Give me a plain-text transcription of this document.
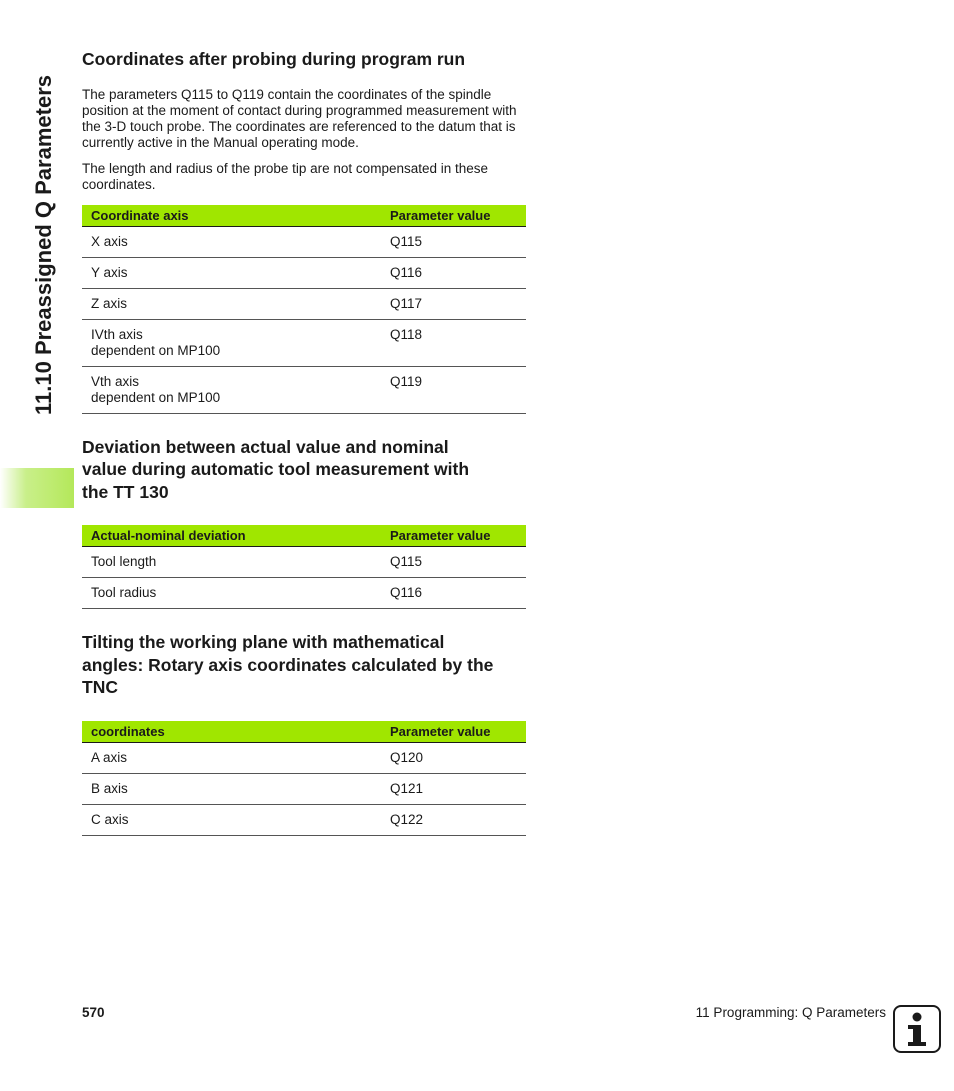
11.10 Preassigned Q Parameters
Coordinates after probing during program run

The parameters Q115 to Q119 contain the coordinates of the spindle position at the moment of contact during programmed measurement with the 3-D touch probe. The coordinates are referenced to the datum that is currently active in the Manual operating mode.

The length and radius of the probe tip are not compensated in these coordinates.

Coordinate axis	Parameter value
X axis	Q115
Y axis	Q116
Z axis	Q117
IVth axis
dependent on MP100	Q118
Vth axis
dependent on MP100	Q119
Deviation between actual value and nominal
value during automatic tool measurement with
the TT 130
Actual-nominal deviation	Parameter value
Tool length	Q115
Tool radius	Q116
Tilting the working plane with mathematical
angles: Rotary axis coordinates calculated by the
TNC
coordinates	Parameter value
A axis	Q120
B axis	Q121
C axis	Q122
570	11 Programming: Q Parameters
